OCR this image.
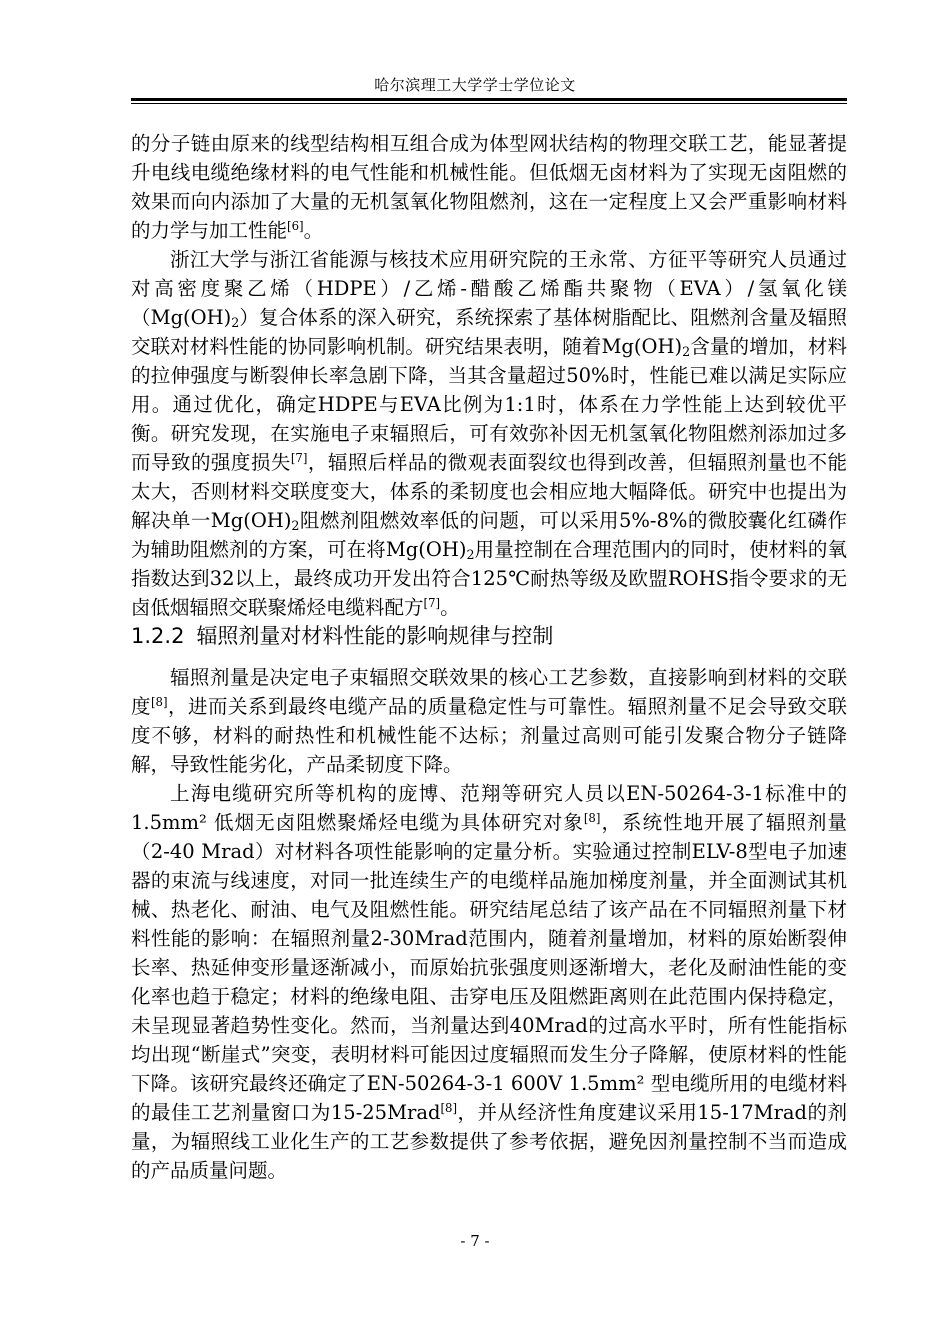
哈尔滨理工大学学士学位论文

的分子链由原来的线型结构相互组合成为体型网状结构的物理交联工艺，能显著提升电线电缆绝缘材料的电气性能和机械性能。但低烟无卤材料为了实现无卤阻燃的效果而向内添加了大量的无机氢氧化物阻燃剂，这在一定程度上又会严重影响材料的力学与加工性能[6]。

浙江大学与浙江省能源与核技术应用研究院的王永常、方征平等研究人员通过对高密度聚乙烯（HDPE）/乙烯-醋酸乙烯酯共聚物（EVA）/氢氧化镁$(Mg(OH)_2)$复合体系的深入研究，系统探索了基体树脂配比、阻燃剂含量及辐照交联对材料性能的协同影响机制。研究结果表明，随着$Mg(OH)_2$含量的增加，材料的拉伸强度与断裂伸长率急剧下降，当其含量超过50%时，性能已难以满足实际应用。通过优化，确定HDPE与EVA比例为1:1时，体系在力学性能上达到较优平衡。研究发现，在实施电子束辐照后，可有效弥补因无机氢氧化物阻燃剂添加过多而导致的强度损失[7]，辐照后样品的微观表面裂纹也得到改善，但辐照剂量也不能太大，否则材料交联度变大，体系的柔韧度也会相应地大幅降低。研究中也提出为解决单一$Mg(OH)_2$阻燃剂阻燃效率低的问题，可以采用5%-8%的微胶囊化红磷作为辅助阻燃剂的方案，可在将$Mg(OH)_2$用量控制在合理范围内的同时，使材料的氧指数达到32以上，最终成功开发出符合125℃耐热等级及欧盟ROHS指令要求的无卤低烟辐照交联聚烯烃电缆料配方[7]。

1.2.2 辐照剂量对材料性能的影响规律与控制

辐照剂量是决定电子束辐照交联效果的核心工艺参数，直接影响到材料的交联度[8]，进而关系到最终电缆产品的质量稳定性与可靠性。辐照剂量不足会导致交联度不够，材料的耐热性和机械性能不达标；剂量过高则可能引发聚合物分子链降解，导致性能劣化，产品柔韧度下降。

上海电缆研究所等机构的庞博、范翔等研究人员以EN-50264-3-1标准中的1.5mm² 低烟无卤阻燃聚烯烃电缆为具体研究对象[8]，系统性地开展了辐照剂量（2-40 Mrad）对材料各项性能影响的定量分析。实验通过控制ELV-8型电子加速器的束流与线速度，对同一批连续生产的电缆样品施加梯度剂量，并全面测试其机械、热老化、耐油、电气及阻燃性能。研究结尾总结了该产品在不同辐照剂量下材料性能的影响：在辐照剂量2-30Mrad范围内，随着剂量增加，材料的原始断裂伸长率、热延伸变形量逐渐减小，而原始抗张强度则逐渐增大，老化及耐油性能的变化率也趋于稳定；材料的绝缘电阻、击穿电压及阻燃距离则在此范围内保持稳定，未呈现显著趋势性变化。然而，当剂量达到40Mrad的过高水平时，所有性能指标均出现“断崖式”突变，表明材料可能因过度辐照而发生分子降解，使原材料的性能下降。该研究最终还确定了EN-50264-3-1 600V 1.5mm² 型电缆所用的电缆材料的最佳工艺剂量窗口为15-25Mrad[8]，并从经济性角度建议采用15-17Mrad的剂量，为辐照线工业化生产的工艺参数提供了参考依据，避免因剂量控制不当而造成的产品质量问题。

- 7 -
